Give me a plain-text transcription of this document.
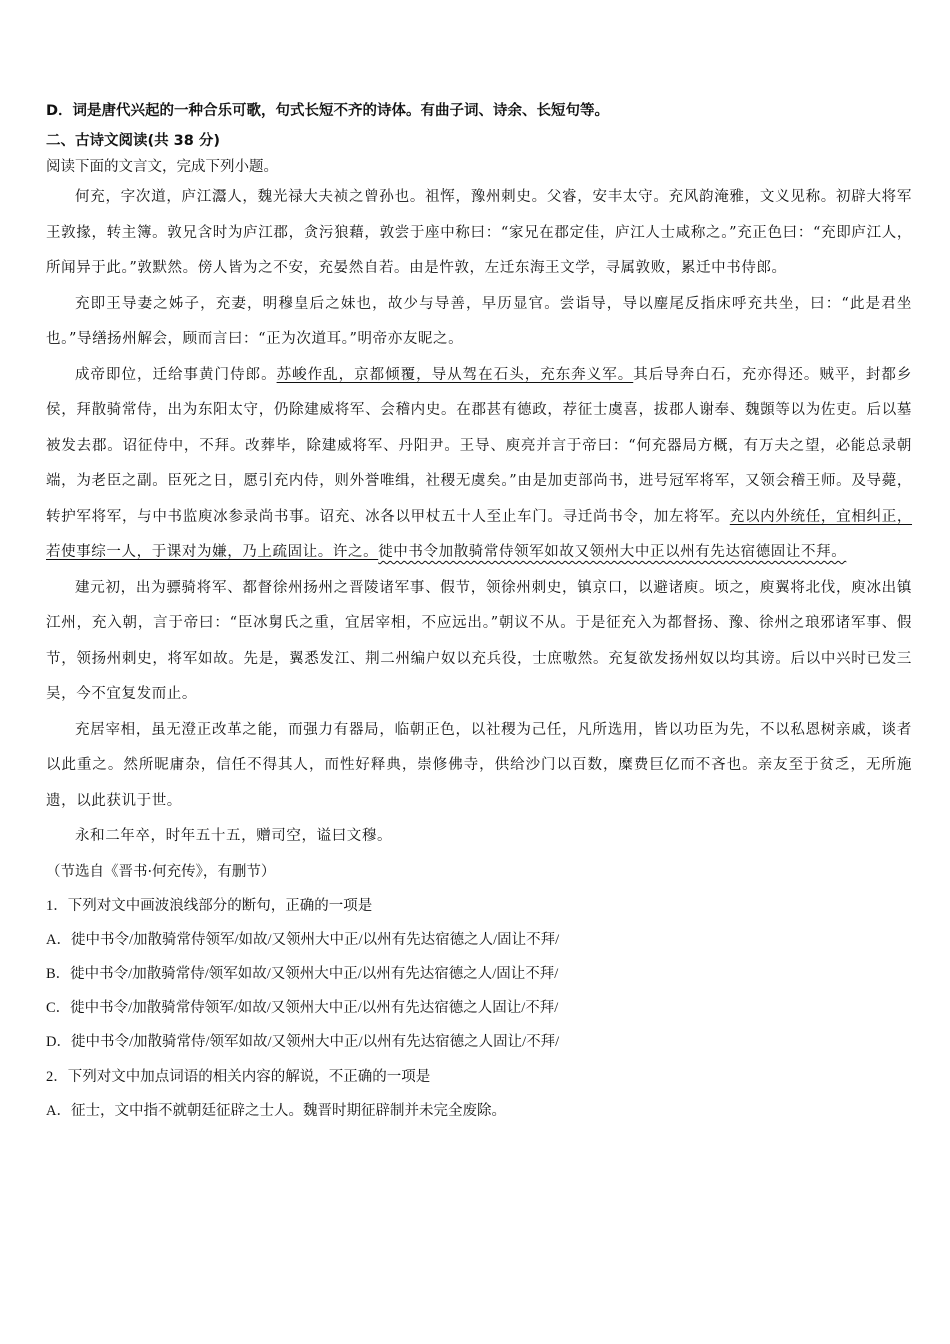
D．词是唐代兴起的一种合乐可歌，句式长短不齐的诗体。有曲子词、诗余、长短句等。
二、古诗文阅读(共 38 分)
阅读下面的文言文，完成下列小题。

何充，字次道，庐江灊人，魏光禄大夫祯之曾孙也。祖恽，豫州刺史。父睿，安丰太守。充风韵淹雅，文义见称。初辟大将军王敦掾，转主簿。敦兄含时为庐江郡，贪污狼藉，敦尝于座中称曰：“家兄在郡定佳，庐江人士咸称之。”充正色曰：“充即庐江人，所闻异于此。”敦默然。傍人皆为之不安，充晏然自若。由是忤敦，左迁东海王文学，寻属敦败，累迁中书侍郎。

充即王导妻之姊子，充妻，明穆皇后之妹也，故少与导善，早历显官。尝诣导，导以麈尾反指床呼充共坐，曰：“此是君坐也。”导缮扬州解会，顾而言曰：“正为次道耳。”明帝亦友昵之。

成帝即位，迁给事黄门侍郎。苏峻作乱，京都倾覆，导从驾在石头，充东奔义军。其后导奔白石，充亦得还。贼平，封都乡侯，拜散骑常侍，出为东阳太守，仍除建威将军、会稽内史。在郡甚有德政，荐征士虞喜，拔郡人谢奉、魏顗等以为佐吏。后以墓被发去郡。诏征侍中，不拜。改葬毕，除建威将军、丹阳尹。王导、庾亮并言于帝曰：“何充器局方概，有万夫之望，必能总录朝端，为老臣之副。臣死之日，愿引充内侍，则外誉唯缉，社稷无虞矣。”由是加吏部尚书，进号冠军将军，又领会稽王师。及导薨，转护军将军，与中书监庾冰参录尚书事。诏充、冰各以甲杖五十人至止车门。寻迁尚书令，加左将军。充以内外统任，宜相纠正，若使事综一人，于课对为嫌，乃上疏固让。许之。徙中书令加散骑常侍领军如故又领州大中正以州有先达宿德固让不拜。

建元初，出为骠骑将军、都督徐州扬州之晋陵诸军事、假节，领徐州刺史，镇京口，以避诸庾。顷之，庾翼将北伐，庾冰出镇江州，充入朝，言于帝曰：“臣冰舅氏之重，宜居宰相，不应远出。”朝议不从。于是征充入为都督扬、豫、徐州之琅邪诸军事、假节，领扬州刺史，将军如故。先是，翼悉发江、荆二州编户奴以充兵役，士庶嗷然。充复欲发扬州奴以均其谤。后以中兴时已发三吴，今不宜复发而止。

充居宰相，虽无澄正改革之能，而强力有器局，临朝正色，以社稷为己任，凡所选用，皆以功臣为先，不以私恩树亲戚，谈者以此重之。然所昵庸杂，信任不得其人，而性好释典，崇修佛寺，供给沙门以百数，糜费巨亿而不吝也。亲友至于贫乏，无所施遗，以此获讥于世。

永和二年卒，时年五十五，赠司空，谥曰文穆。

（节选自《晋书·何充传》，有删节）

1．下列对文中画波浪线部分的断句，正确的一项是

A．徙中书令/加散骑常侍领军/如故/又领州大中正/以州有先达宿德之人/固让不拜/

B．徙中书令/加散骑常侍/领军如故/又领州大中正/以州有先达宿德之人/固让不拜/

C．徙中书令/加散骑常侍领军/如故/又领州大中正/以州有先达宿德之人固让/不拜/

D．徙中书令/加散骑常侍/领军如故/又领州大中正/以州有先达宿德之人固让/不拜/

2．下列对文中加点词语的相关内容的解说，不正确的一项是

A．征士，文中指不就朝廷征辟之士人。魏晋时期征辟制并未完全废除。
